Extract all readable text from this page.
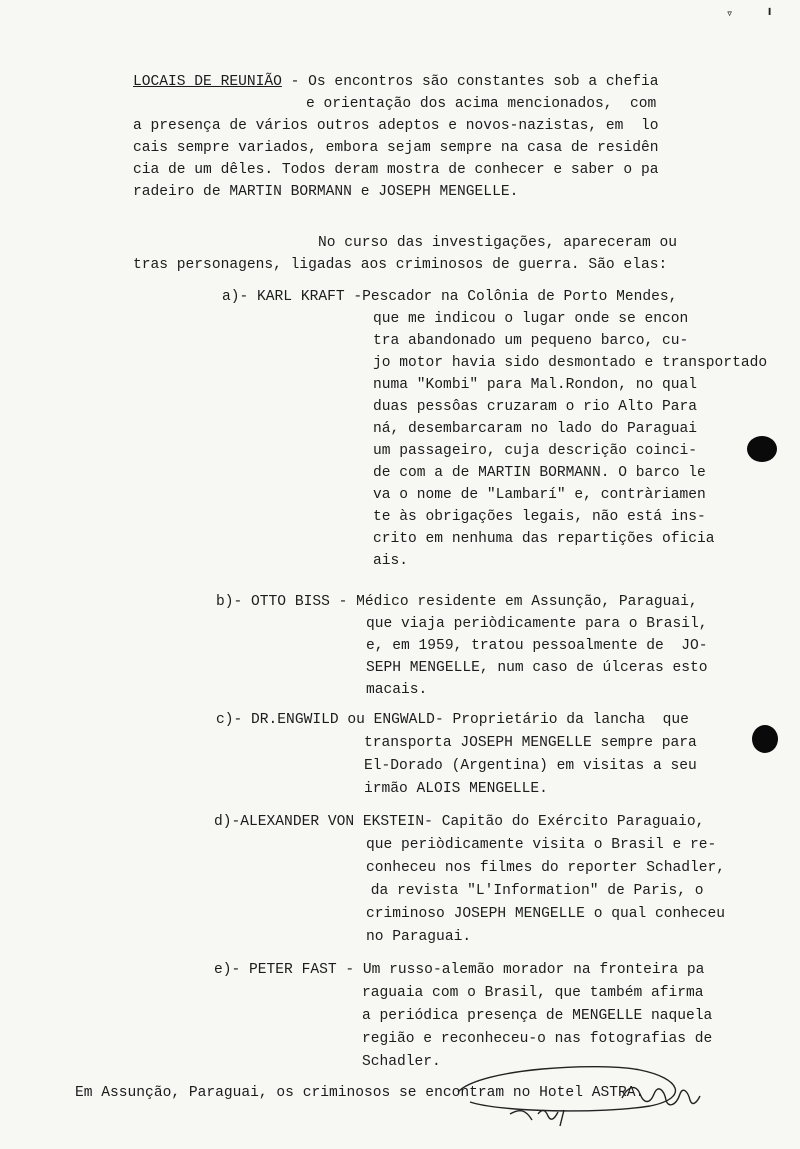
LOCAIS DE REUNIÃO - Os encontros são constantes sob a chefia
e orientação dos acima mencionados,  com
a presença de vários outros adeptos e novos-nazistas, em  lo
cais sempre variados, embora sejam sempre na casa de residên
cia de um dêles. Todos deram mostra de conhecer e saber o pa
radeiro de MARTIN BORMANN e JOSEPH MENGELLE.
No curso das investigações, apareceram ou
tras personagens, ligadas aos criminosos de guerra. São elas:
a)- KARL KRAFT -Pescador na Colônia de Porto Mendes,
que me indicou o lugar onde se encon
tra abandonado um pequeno barco, cu-
jo motor havia sido desmontado e transportado
numa "Kombi" para Mal.Rondon, no qual
duas pessôas cruzaram o rio Alto Para
ná, desembarcaram no lado do Paraguai
um passageiro, cuja descrição coinci-
de com a de MARTIN BORMANN. O barco le
va o nome de "Lambarí" e, contràriamen
te às obrigações legais, não está ins-
crito em nenhuma das repartições oficia
ais.
b)- OTTO BISS - Médico residente em Assunção, Paraguai,
que viaja periòdicamente para o Brasil,
e, em 1959, tratou pessoalmente de  JO-
SEPH MENGELLE, num caso de úlceras esto
macais.
c)- DR.ENGWILD ou ENGWALD- Proprietário da lancha  que
transporta JOSEPH MENGELLE sempre para
El-Dorado (Argentina) em visitas a seu
irmão ALOIS MENGELLE.
d)-ALEXANDER VON EKSTEIN- Capitão do Exército Paraguaio,
que periòdicamente visita o Brasil e re-
conheceu nos filmes do reporter Schadler,
da revista "L'Information" de Paris, o
criminoso JOSEPH MENGELLE o qual conheceu
no Paraguai.
e)- PETER FAST - Um russo-alemão morador na fronteira pa
raguaia com o Brasil, que também afirma
a periódica presença de MENGELLE naquela
região e reconheceu-o nas fotografias de
Schadler.
Em Assunção, Paraguai, os criminosos se encontram no Hotel ASTRA.
▿	╹
